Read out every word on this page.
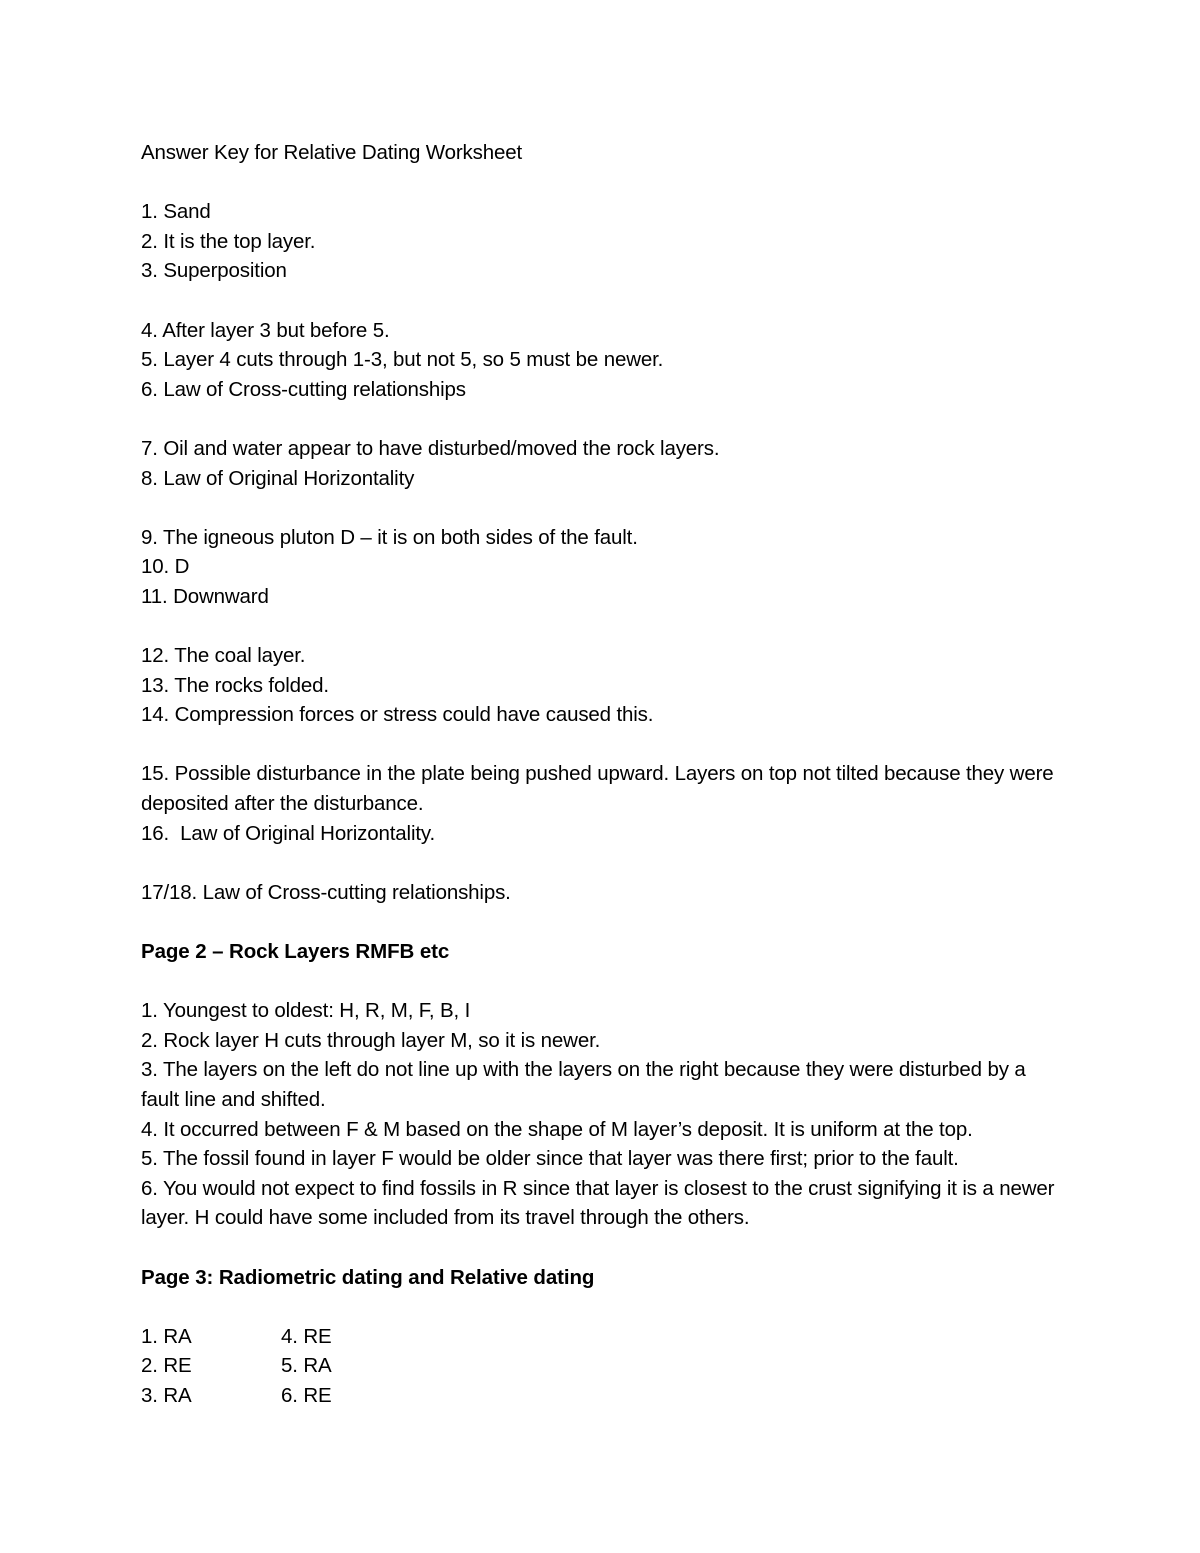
Answer Key for Relative Dating Worksheet
1. Sand
2. It is the top layer.
3. Superposition
4. After layer 3 but before 5.
5. Layer 4 cuts through 1-3, but not 5, so 5 must be newer.
6. Law of Cross-cutting relationships
7. Oil and water appear to have disturbed/moved the rock layers.
8. Law of Original Horizontality
9. The igneous pluton D – it is on both sides of the fault.
10. D
11. Downward
12. The coal layer.
13. The rocks folded.
14. Compression forces or stress could have caused this.
15. Possible disturbance in the plate being pushed upward. Layers on top not tilted because they were deposited after the disturbance.
16.  Law of Original Horizontality.
17/18. Law of Cross-cutting relationships.
Page 2 – Rock Layers RMFB etc
1. Youngest to oldest: H, R, M, F, B, I
2. Rock layer H cuts through layer M, so it is newer.
3. The layers on the left do not line up with the layers on the right because they were disturbed by a fault line and shifted.
4. It occurred between F & M based on the shape of M layer’s deposit. It is uniform at the top.
5. The fossil found in layer F would be older since that layer was there first; prior to the fault.
6. You would not expect to find fossils in R since that layer is closest to the crust signifying it is a newer layer. H could have some included from its travel through the others.
Page 3: Radiometric dating and Relative dating
1. RA	4. RE
2. RE	5. RA
3. RA	6. RE
